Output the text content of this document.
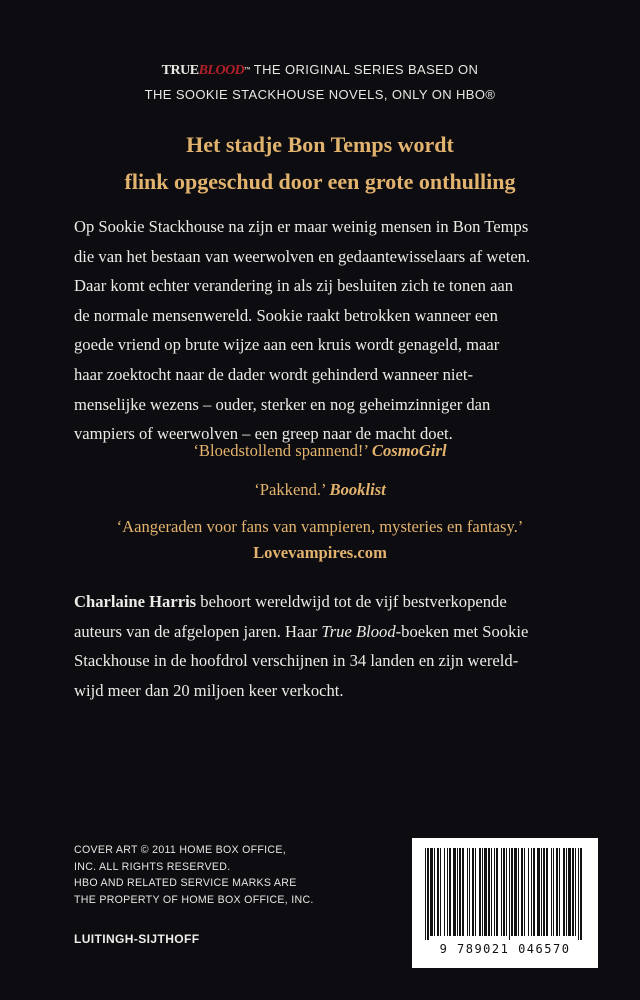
TRUEBLOOD™ THE ORIGINAL SERIES BASED ON
THE SOOKIE STACKHOUSE NOVELS, ONLY ON HBO®
Het stadje Bon Temps wordt
flink opgeschud door een grote onthulling
Op Sookie Stackhouse na zijn er maar weinig mensen in Bon Temps
die van het bestaan van weerwolven en gedaantewisselaars af weten.
Daar komt echter verandering in als zij besluiten zich te tonen aan
de normale mensenwereld. Sookie raakt betrokken wanneer een
goede vriend op brute wijze aan een kruis wordt genageld, maar
haar zoektocht naar de dader wordt gehinderd wanneer niet-
menselijke wezens – ouder, sterker en nog geheimzinniger dan
vampiers of weerwolven – een greep naar de macht doet.
‘Bloedstollend spannend!’ CosmoGirl
‘Pakkend.’ Booklist
‘Aangeraden voor fans van vampieren, mysteries en fantasy.’
Lovevampires.com
Charlaine Harris behoort wereldwijd tot de vijf bestverkopende
auteurs van de afgelopen jaren. Haar True Blood-boeken met Sookie
Stackhouse in de hoofdrol verschijnen in 34 landen en zijn wereld-
wijd meer dan 20 miljoen keer verkocht.
COVER ART © 2011 HOME BOX OFFICE,
INC. ALL RIGHTS RESERVED.
HBO AND RELATED SERVICE MARKS ARE
THE PROPERTY OF HOME BOX OFFICE, INC.
LUITINGH-SIJTHOFF
9 789021 046570
